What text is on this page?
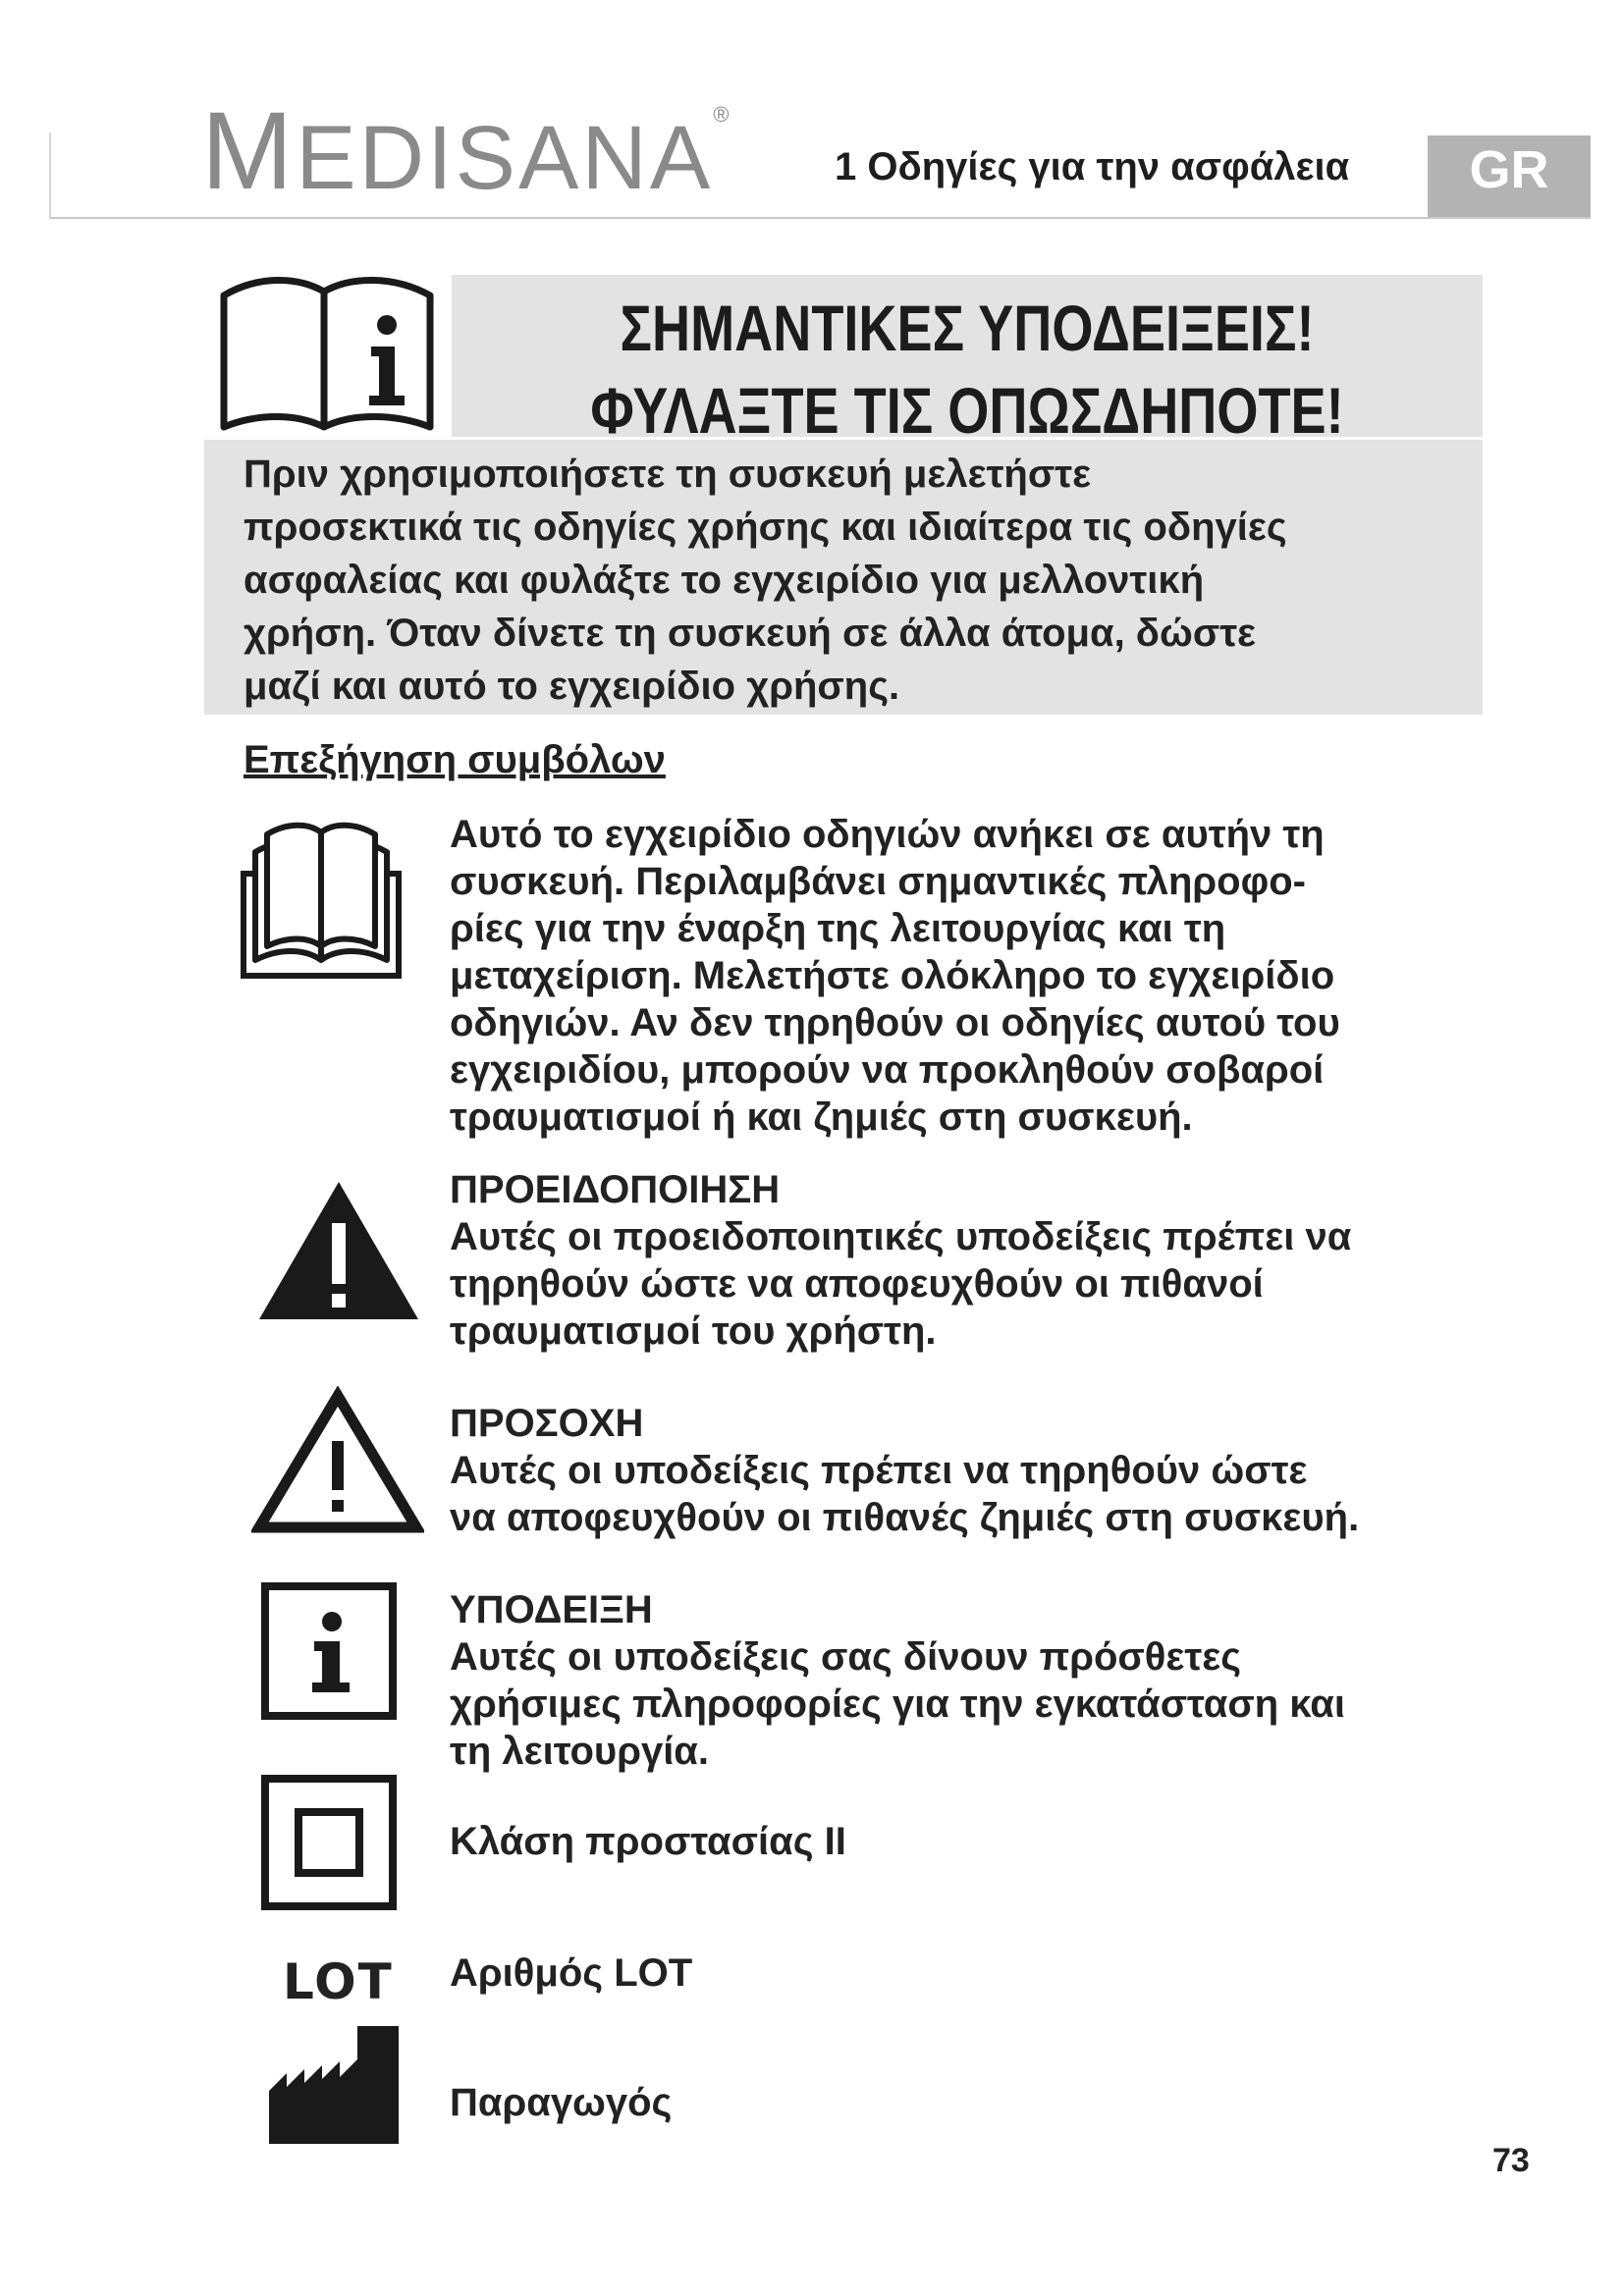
MEDISANA®
1 Οδηγίες για την ασφάλεια	GR
ΣΗΜΑΝΤΙΚΕΣ ΥΠΟΔΕΙΞΕΙΣ!
ΦΥΛΑΞΤΕ ΤΙΣ ΟΠΩΣΔΗΠΟΤΕ!
Πριν χρησιμοποιήσετε τη συσκευή μελετήστε
προσεκτικά τις οδηγίες χρήσης και ιδιαίτερα τις οδηγίες
ασφαλείας και φυλάξτε το εγχειρίδιο για μελλοντική
χρήση. Όταν δίνετε τη συσκευή σε άλλα άτομα, δώστε
μαζί και αυτό το εγχειρίδιο χρήσης.
Επεξήγηση συμβόλων
Αυτό το εγχειρίδιο οδηγιών ανήκει σε αυτήν τη
συσκευή. Περιλαμβάνει σημαντικές πληροφο-
ρίες για την έναρξη της λειτουργίας και τη
μεταχείριση. Μελετήστε ολόκληρο το εγχειρίδιο
οδηγιών. Αν δεν τηρηθούν οι οδηγίες αυτού του
εγχειριδίου, μπορούν να προκληθούν σοβαροί
τραυματισμοί ή και ζημιές στη συσκευή.
ΠΡΟΕΙΔΟΠΟΙΗΣΗ
Αυτές οι προειδοποιητικές υποδείξεις πρέπει να
τηρηθούν ώστε να αποφευχθούν οι πιθανοί
τραυματισμοί του χρήστη.
ΠΡΟΣΟΧΗ
Αυτές οι υποδείξεις πρέπει να τηρηθούν ώστε
να αποφευχθούν οι πιθανές ζημιές στη συσκευή.
ΥΠΟΔΕΙΞΗ
Αυτές οι υποδείξεις σας δίνουν πρόσθετες
χρήσιμες πληροφορίες για την εγκατάσταση και
τη λειτουργία.
Κλάση προστασίας II
LOT Αριθμός LOT
Παραγωγός
73
